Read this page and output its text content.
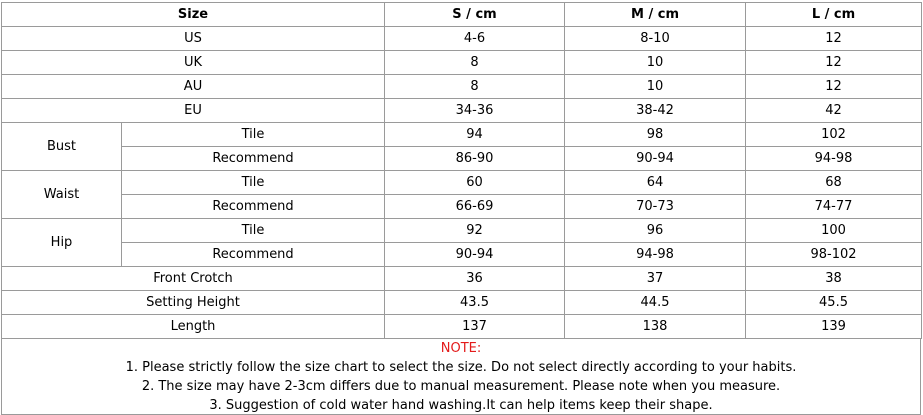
Size		S / cm	M / cm	L / cm
US		4-6	8-10	12
UK		8	10	12
AU		8	10	12
EU		34-36	38-42	42
Bust	Tile	94	98	102
	Recommend	86-90	90-94	94-98
Waist	Tile	60	64	68
	Recommend	66-69	70-73	74-77
Hip	Tile	92	96	100
	Recommend	90-94	94-98	98-102
Front Crotch		36	37	38
Setting Height		43.5	44.5	45.5
Length		137	138	139
NOTE:
1. Please strictly follow the size chart to select the size. Do not select directly according to your habits.
2. The size may have 2-3cm differs due to manual measurement. Please note when you measure.
3. Suggestion of cold water hand washing.It can help items keep their shape.
